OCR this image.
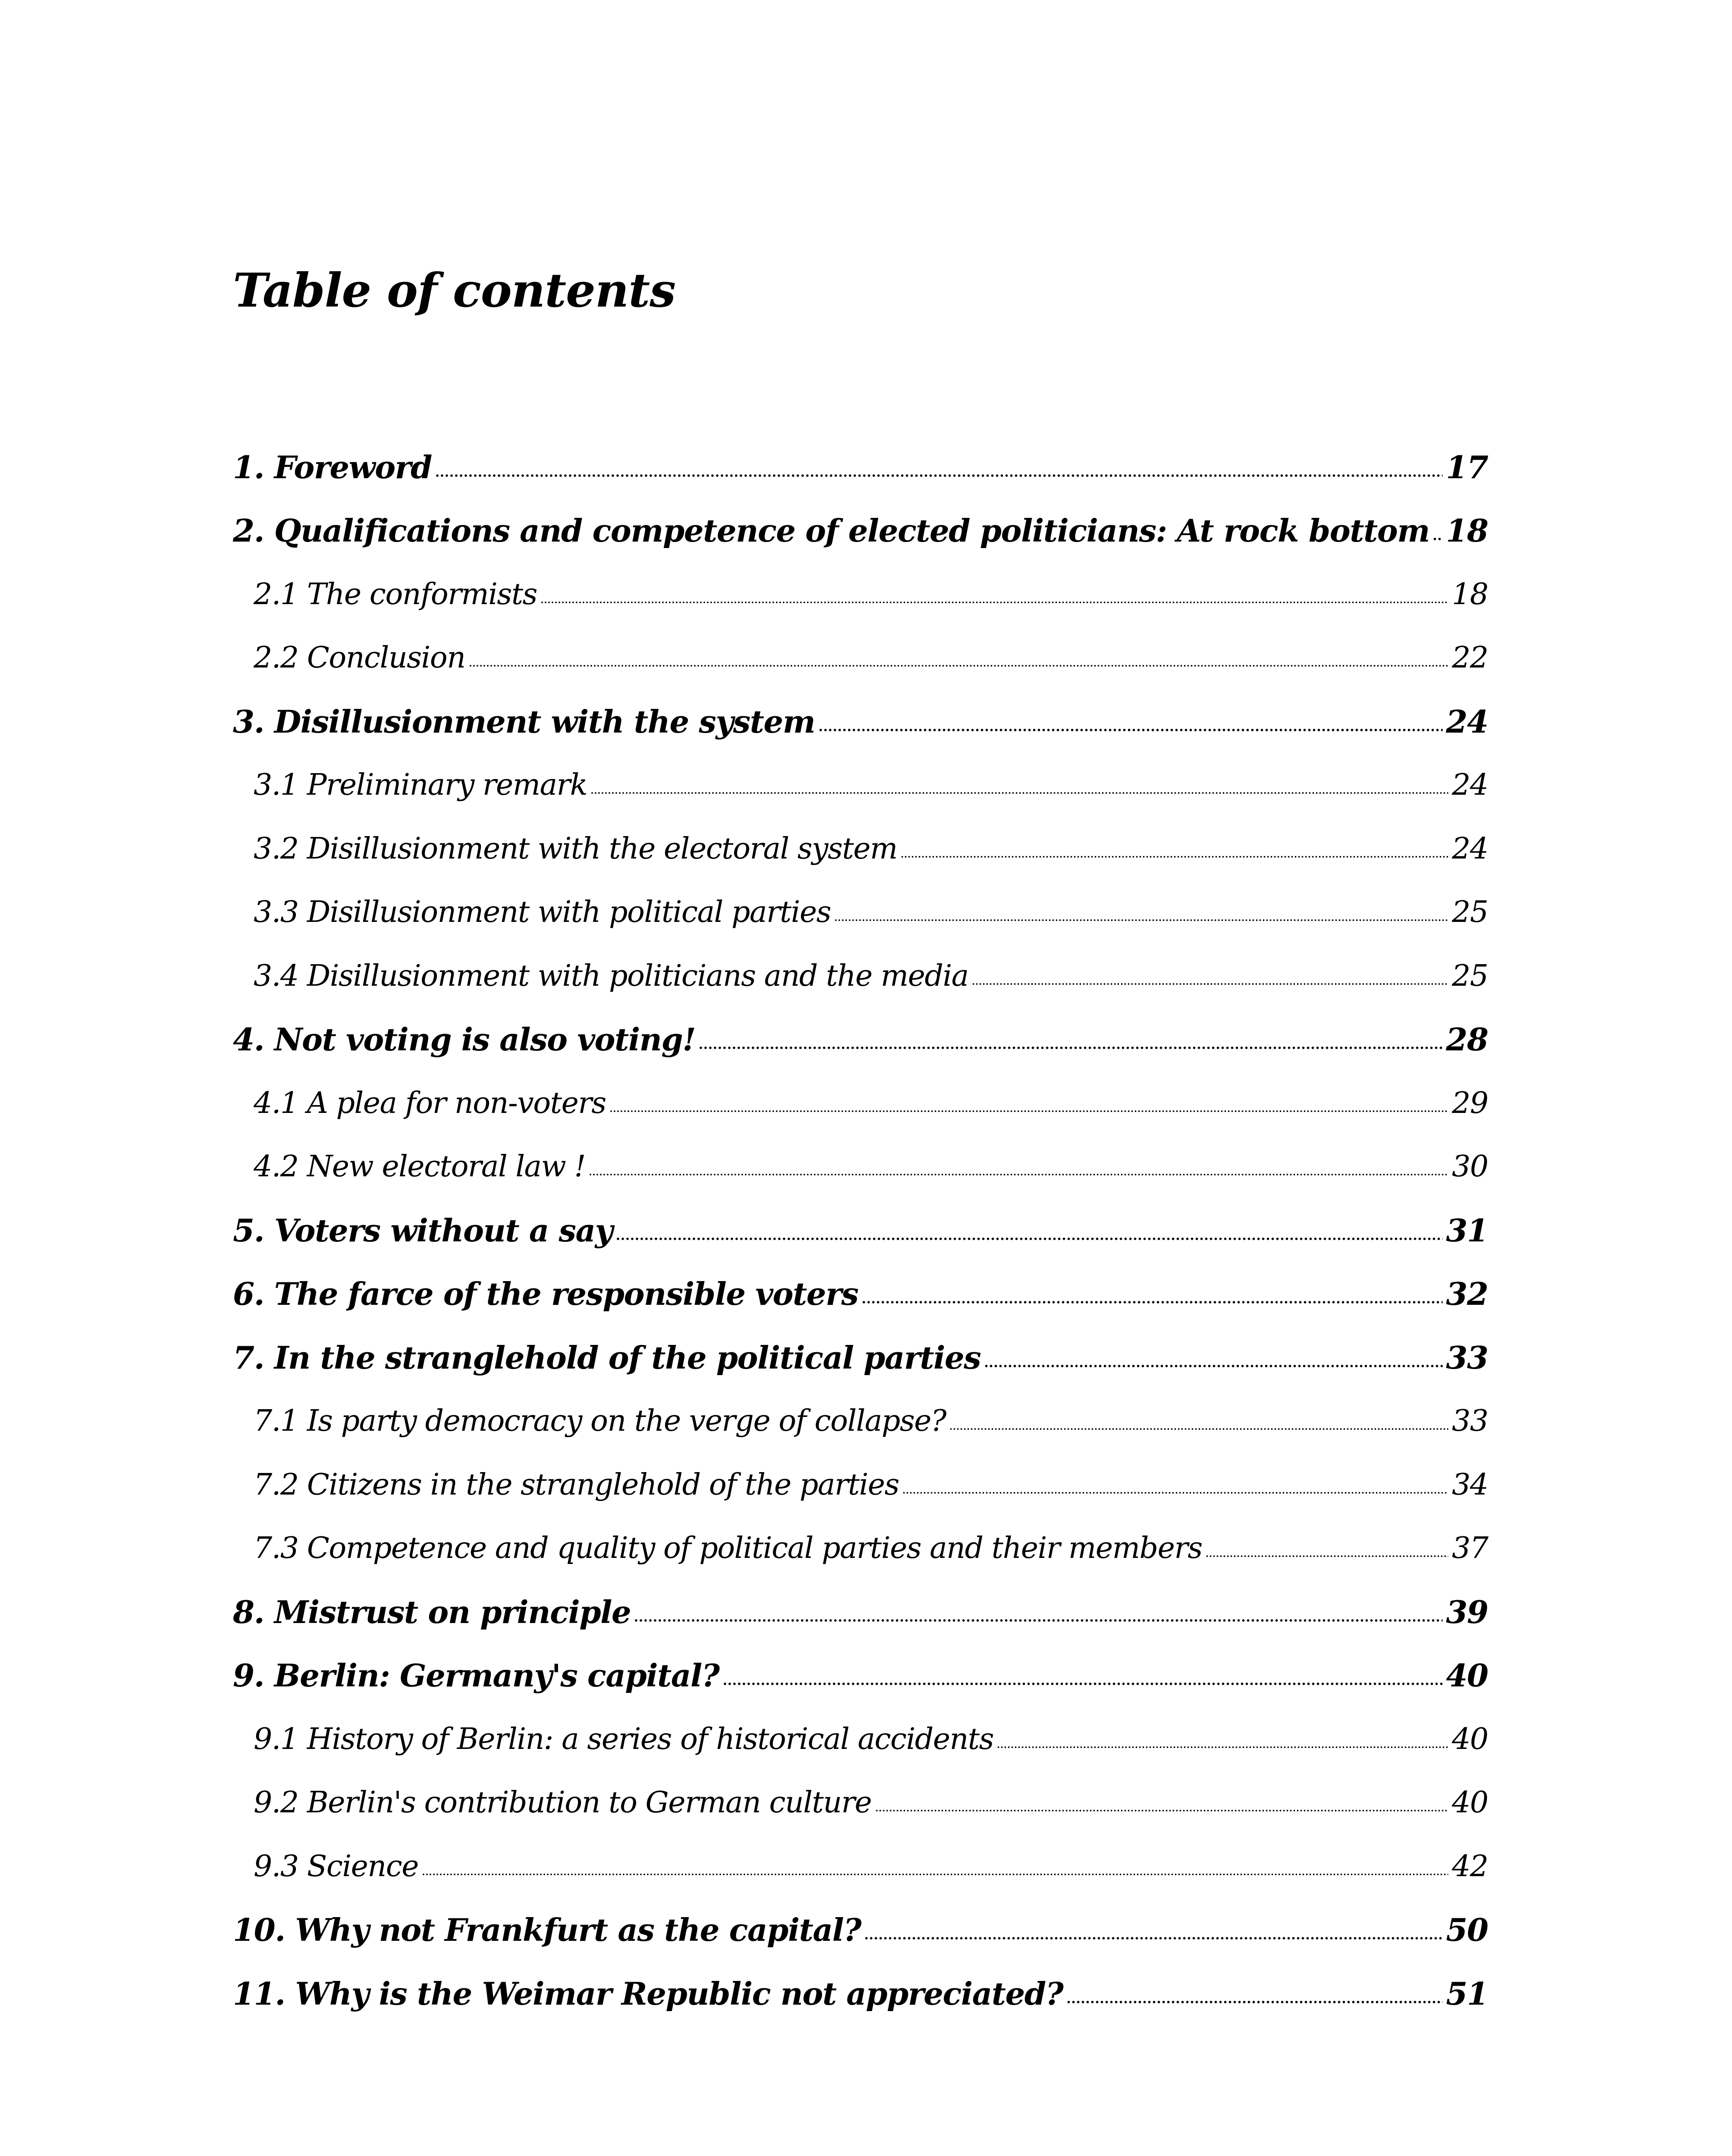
Table of contents
1. Foreword	17
2. Qualifications and competence of elected politicians: At rock bottom 18
2.1 The conformists	18
2.2 Conclusion	22
3. Disillusionment with the system	24
3.1 Preliminary remark	24
3.2 Disillusionment with the electoral system	24
3.3 Disillusionment with political parties	25
3.4 Disillusionment with politicians and the media	25
4. Not voting is also voting!	28
4.1 A plea for non-voters	29
4.2 New electoral law !	30
5. Voters without a say	31
6. The farce of the responsible voters	32
7. In the stranglehold of the political parties	33
7.1 Is party democracy on the verge of collapse?	33
7.2 Citizens in the stranglehold of the parties	34
7.3 Competence and quality of political parties and their members	37
8. Mistrust on principle	39
9. Berlin: Germany's capital?	40
9.1 History of Berlin: a series of historical accidents	40
9.2 Berlin's contribution to German culture	40
9.3 Science	42
10. Why not Frankfurt as the capital?	50
11. Why is the Weimar Republic not appreciated?	51
